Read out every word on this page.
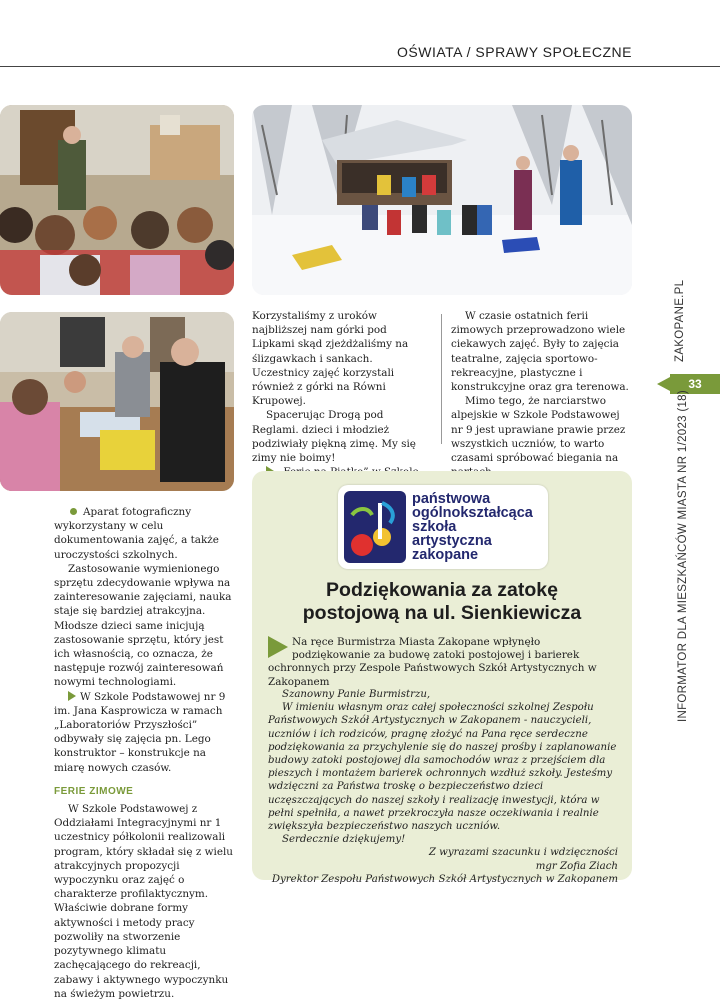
OŚWIATA / SPRAWY SPOŁECZNE

Korzystaliśmy z uroków najbliższej nam górki pod Lipkami skąd zjeżdżaliśmy na ślizgawkach i sankach. Uczestnicy zajęć korzystali również z górki na Równi Krupowej.

Spacerując Drogą pod Reglami. dzieci i młodzież podziwiały piękną zimę. My się zimy nie boimy!

W czasie ostatnich ferii zimowych przeprowadzono wiele ciekawych zajęć. Były to zajęcia teatralne, zajęcia sportowo-rekreacyjne, plastyczne i konstrukcyjne oraz gra terenowa.

Mimo tego, że narciarstwo alpejskie w Szkole Podstawowej nr 9 jest uprawiane prawie przez wszystkich uczniów, to warto czasami spróbować biegania na

Aparat fotograficzny wykorzystany w celu dokumentowania zajęć, a także uroczystości szkolnych.

Zastosowanie wymienionego sprzętu zdecydowanie wpływa na zainteresowanie zajęciami, nauka staje się bardziej atrakcyjna. Młodsze dzieci same inicjują zastosowanie sprzętu, który jest ich własnością, co oznacza, że następuje rozwój zainteresowań nowymi technologiami.

W Szkole Podstawowej nr 9 im. Jana Kasprowicza w ramach „Laboratoriów Przyszłości” odbywały się zajęcia pn. Lego konstruktor – konstrukcje na miarę nowych czasów.

FERIE ZIMOWE

W Szkole Podstawowej z Oddziałami Integracyjnymi nr 1 uczestnicy półkolonii realizowali program, który składał się z wielu atrakcyjnych propozycji wypoczynku oraz zajęć o charakterze profilaktycznym. Właściwie dobrane formy aktywności i metody pracy pozwoliły na stworzenie pozytywnego klimatu zachęcającego do rekreacji, zabawy i aktywnego wypoczynku na świeżym powietrzu.

państwowa
ogólnokształcąca
szkoła
artystyczna
zakopane
Podziękowania za zatokę
postojową na ul. Sienkiewicza
Na ręce Burmistrza Miasta Zakopane wpłynęło podziękowanie za budowę zatoki postojowej i barierek ochronnych przy Zespole Państwowych Szkół Artystycznych w Zakopanem

Szanowny Panie Burmistrzu,

W imieniu własnym oraz całej społeczności szkolnej Zespołu Państwowych Szkół Artystycznych w Zakopanem - nauczycieli, uczniów i ich rodziców, pragnę złożyć na Pana ręce serdeczne podziękowania za przychylenie się do naszej prośby i zaplanowanie budowy zatoki postojowej dla samochodów wraz z przejściem dla pieszych i montażem barierek ochronnych wzdłuż szkoły. Jesteśmy wdzięczni za Państwa troskę o bezpieczeństwo dzieci uczęszczających do naszej szkoły i realizację inwestycji, która w pełni spełniła, a nawet przekroczyła nasze oczekiwania i realnie zwiększyła bezpieczeństwo naszych uczniów.

Serdecznie dziękujemy!

Z wyrazami szacunku i wdzięczności

mgr Zofia Ziach

Dyrektor Zespołu Państwowych Szkół Artystycznych w Zakopanem

ZAKOPANE.PL
33
INFORMATOR DLA MIESZKAŃCÓW MIASTA NR 1/2023 (18)
